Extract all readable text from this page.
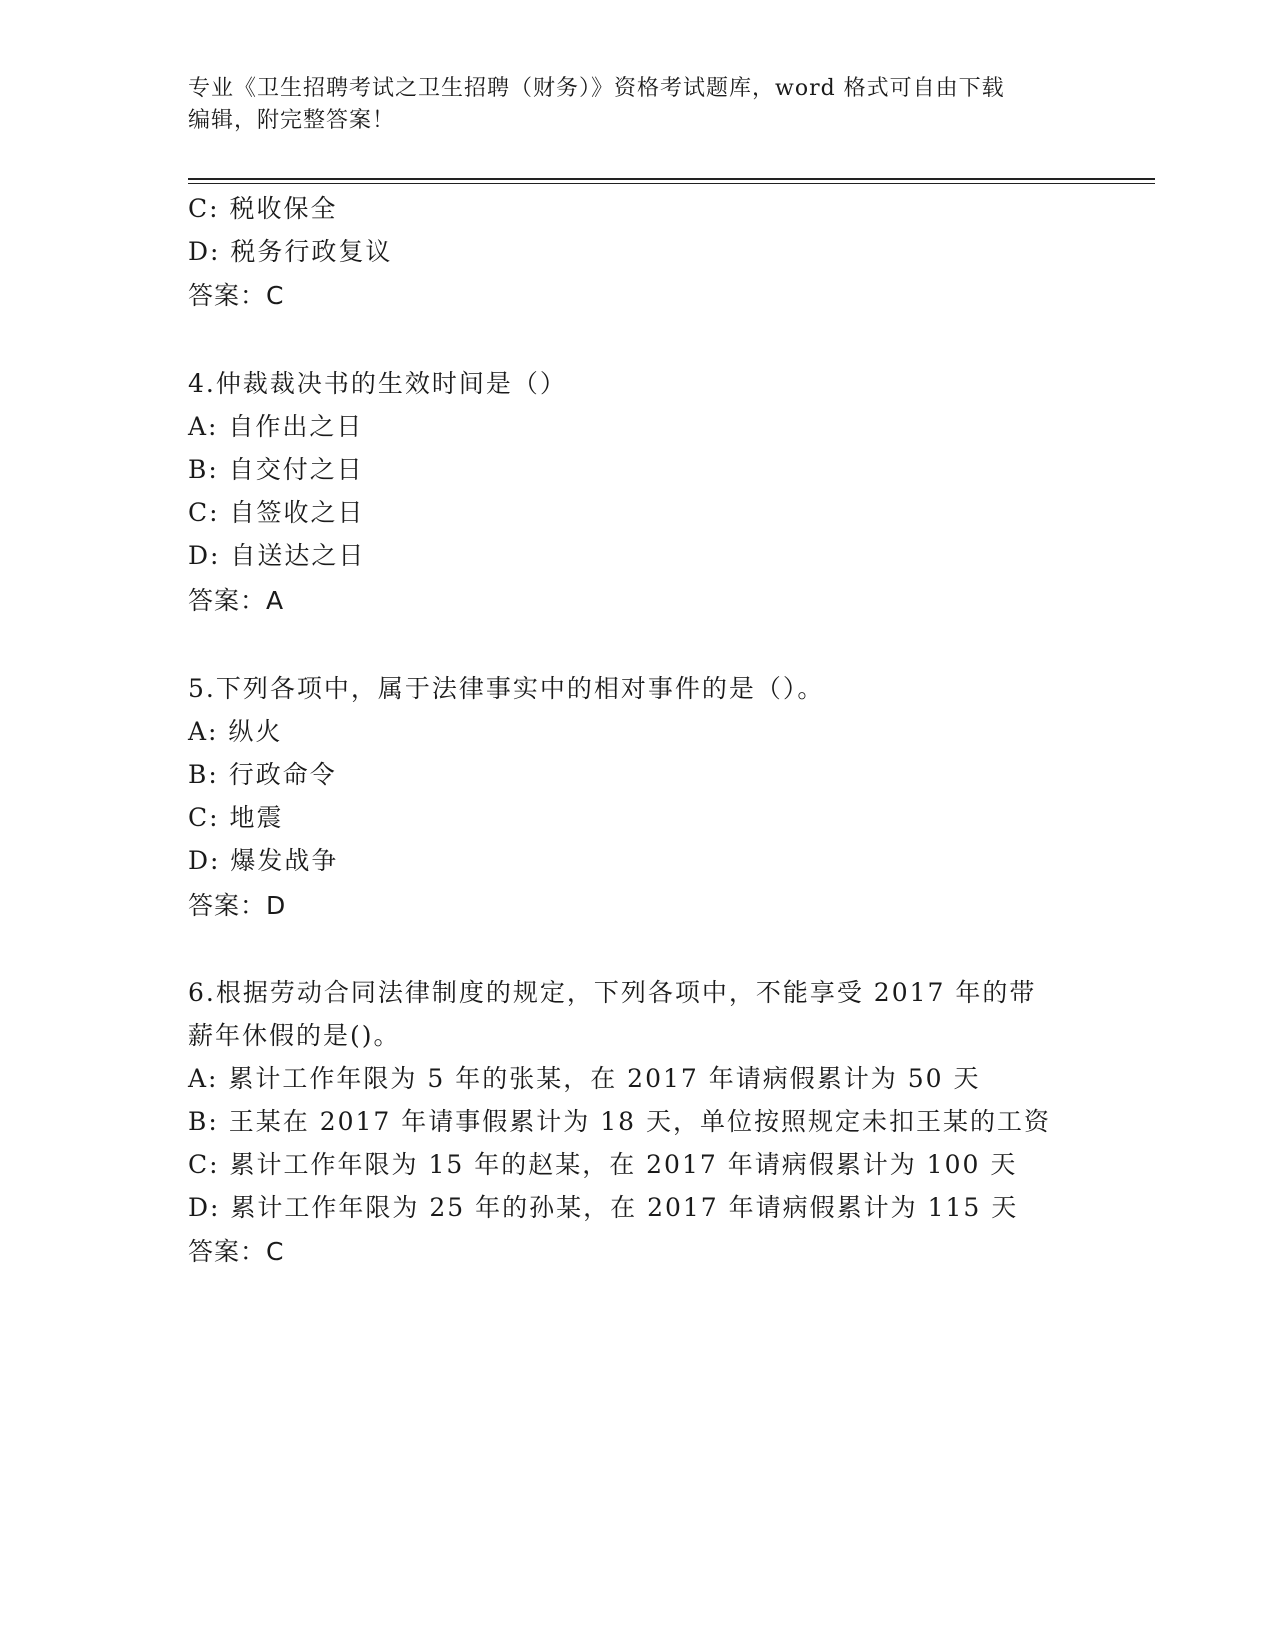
专业《卫生招聘考试之卫生招聘（财务）》资格考试题库，word 格式可自由下载
编辑，附完整答案！
C: 税收保全
D: 税务行政复议
答案：C
4.仲裁裁决书的生效时间是（）
A: 自作出之日
B: 自交付之日
C: 自签收之日
D: 自送达之日
答案：A
5.下列各项中，属于法律事实中的相对事件的是（）。
A: 纵火
B: 行政命令
C: 地震
D: 爆发战争
答案：D
6.根据劳动合同法律制度的规定，下列各项中，不能享受 2017 年的带
薪年休假的是()。
A: 累计工作年限为 5 年的张某，在 2017 年请病假累计为 50 天
B: 王某在 2017 年请事假累计为 18 天，单位按照规定未扣王某的工资
C: 累计工作年限为 15 年的赵某，在 2017 年请病假累计为 100 天
D: 累计工作年限为 25 年的孙某，在 2017 年请病假累计为 115 天
答案：C
